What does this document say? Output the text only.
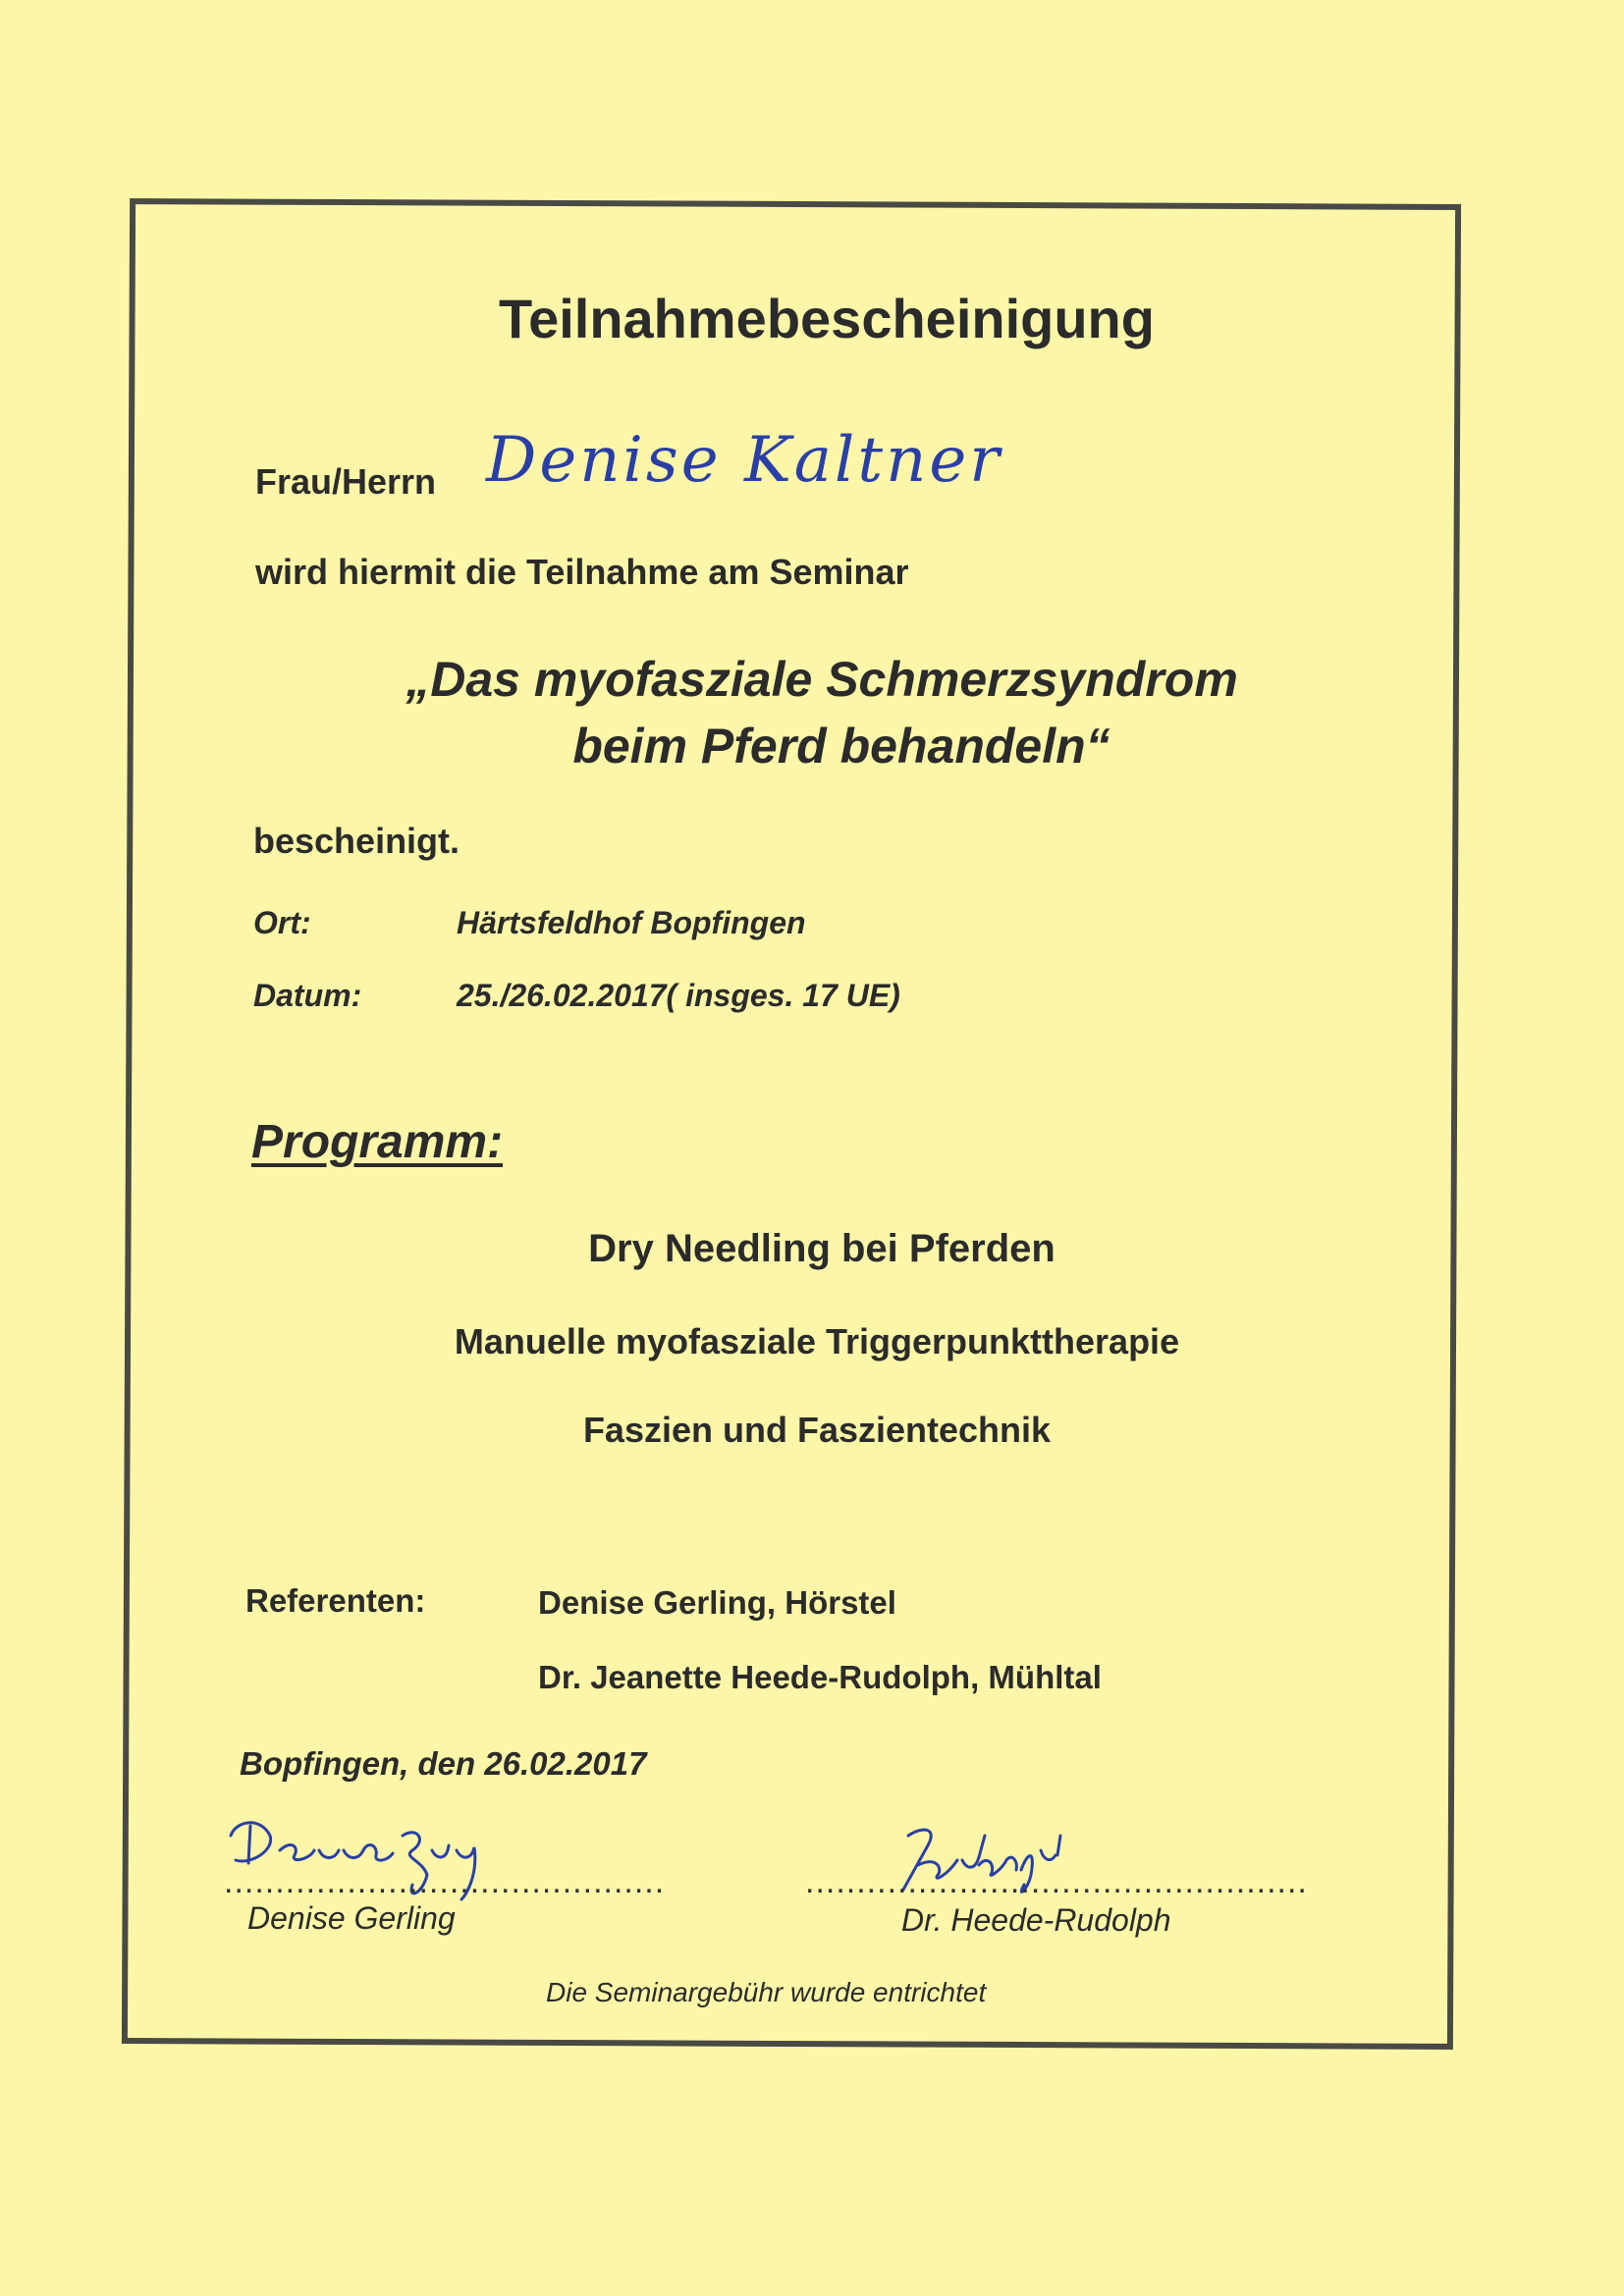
Teilnahmebescheinigung
Frau/Herrn Denise Kaltner
wird hiermit die Teilnahme am Seminar
„Das myofasziale Schmerzsyndrom
beim Pferd behandeln“
bescheinigt.
Ort:	Härtsfeldhof Bopfingen
Datum:	25./26.02.2017( insges. 17 UE)
Programm:
Dry Needling bei Pferden
Manuelle myofasziale Triggerpunkttherapie
Faszien und Faszientechnik
Referenten:	Denise Gerling, Hörstel
Dr. Jeanette Heede-Rudolph, Mühltal
Bopfingen, den 26.02.2017
...........................................	.................................................
Denise Gerling	Dr. Heede-Rudolph
Die Seminargebühr wurde entrichtet
